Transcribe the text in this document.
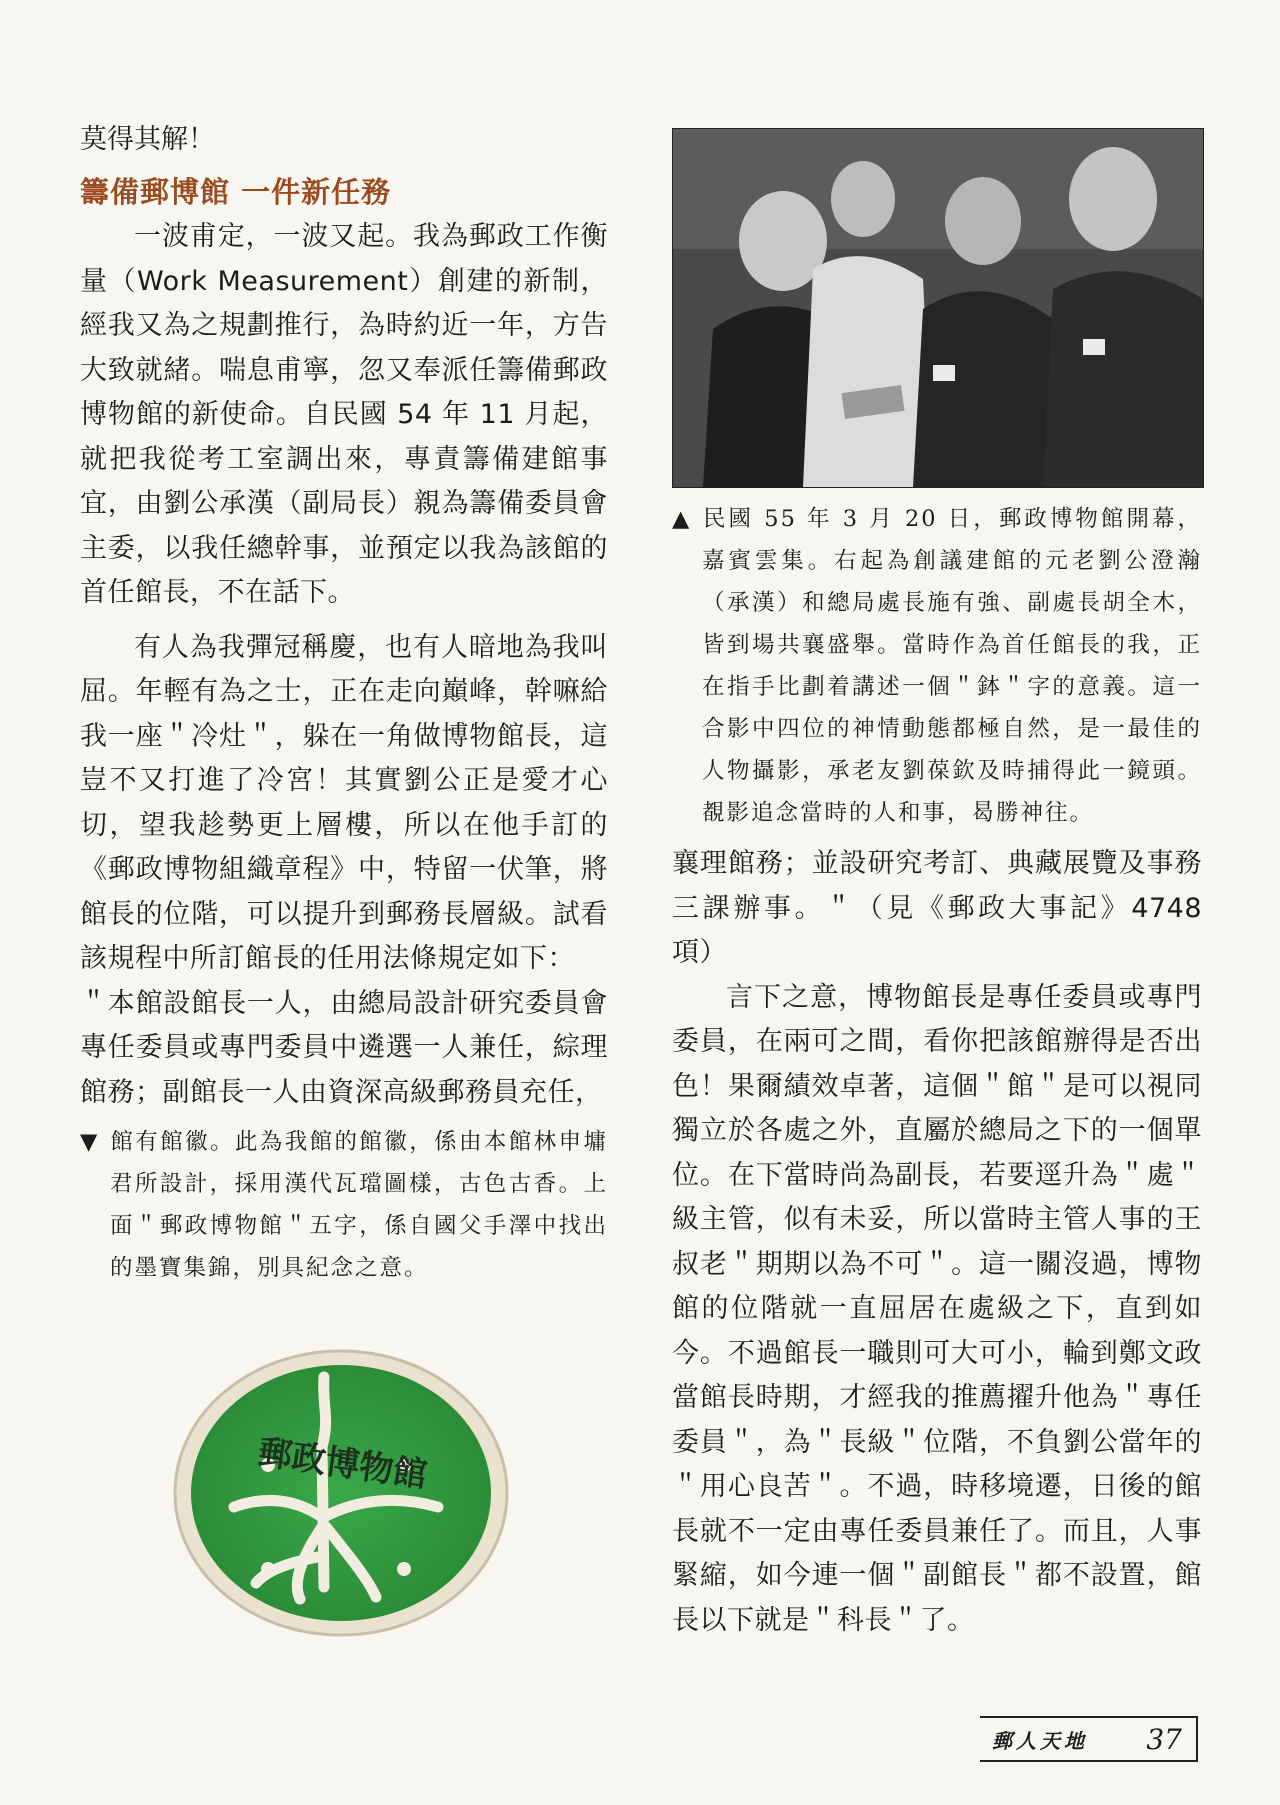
莫得其解！

籌備郵博館 一件新任務

一波甫定，一波又起。我為郵政工作衡量（Work Measurement）創建的新制，經我又為之規劃推行，為時約近一年，方告大致就緒。喘息甫寧，忽又奉派任籌備郵政博物館的新使命。自民國 54 年 11 月起，就把我從考工室調出來，專責籌備建館事宜，由劉公承漢（副局長）親為籌備委員會主委，以我任總幹事，並預定以我為該館的首任館長，不在話下。

有人為我彈冠稱慶，也有人暗地為我叫屈。年輕有為之士，正在走向巔峰，幹嘛給我一座＂冷灶＂，躲在一角做博物館長，這豈不又打進了冷宮！其實劉公正是愛才心切，望我趁勢更上層樓，所以在他手訂的《郵政博物組織章程》中，特留一伏筆，將館長的位階，可以提升到郵務長層級。試看該規程中所訂館長的任用法條規定如下：

＂本館設館長一人，由總局設計研究委員會專任委員或專門委員中遴選一人兼任，綜理館務；副館長一人由資深高級郵務員充任，

▼ 館有館徽。此為我館的館徽，係由本館林申墉君所設計，採用漢代瓦璫圖樣，古色古香。上面＂郵政博物館＂五字，係自國父手澤中找出的墨寶集錦，別具紀念之意。

郵政博物館

▲ 民國 55 年 3 月 20 日，郵政博物館開幕，嘉賓雲集。右起為創議建館的元老劉公澄瀚（承漢）和總局處長施有強、副處長胡全木，皆到場共襄盛舉。當時作為首任館長的我，正在指手比劃着講述一個＂鉢＂字的意義。這一合影中四位的神情動態都極自然，是一最佳的人物攝影，承老友劉葆欽及時捕得此一鏡頭。覩影追念當時的人和事，曷勝神往。

襄理館務；並設研究考訂、典藏展覽及事務三課辦事。＂（見《郵政大事記》4748 項）

言下之意，博物館長是專任委員或專門委員，在兩可之間，看你把該館辦得是否出色！果爾績效卓著，這個＂館＂是可以視同獨立於各處之外，直屬於總局之下的一個單位。在下當時尚為副長，若要逕升為＂處＂級主管，似有未妥，所以當時主管人事的王叔老＂期期以為不可＂。這一關沒過，博物館的位階就一直屈居在處級之下，直到如今。不過館長一職則可大可小，輪到鄭文政當館長時期，才經我的推薦擢升他為＂專任委員＂，為＂長級＂位階，不負劉公當年的＂用心良苦＂。不過，時移境遷，日後的館長就不一定由專任委員兼任了。而且，人事緊縮，如今連一個＂副館長＂都不設置，館長以下就是＂科長＂了。

郵人天地 37
